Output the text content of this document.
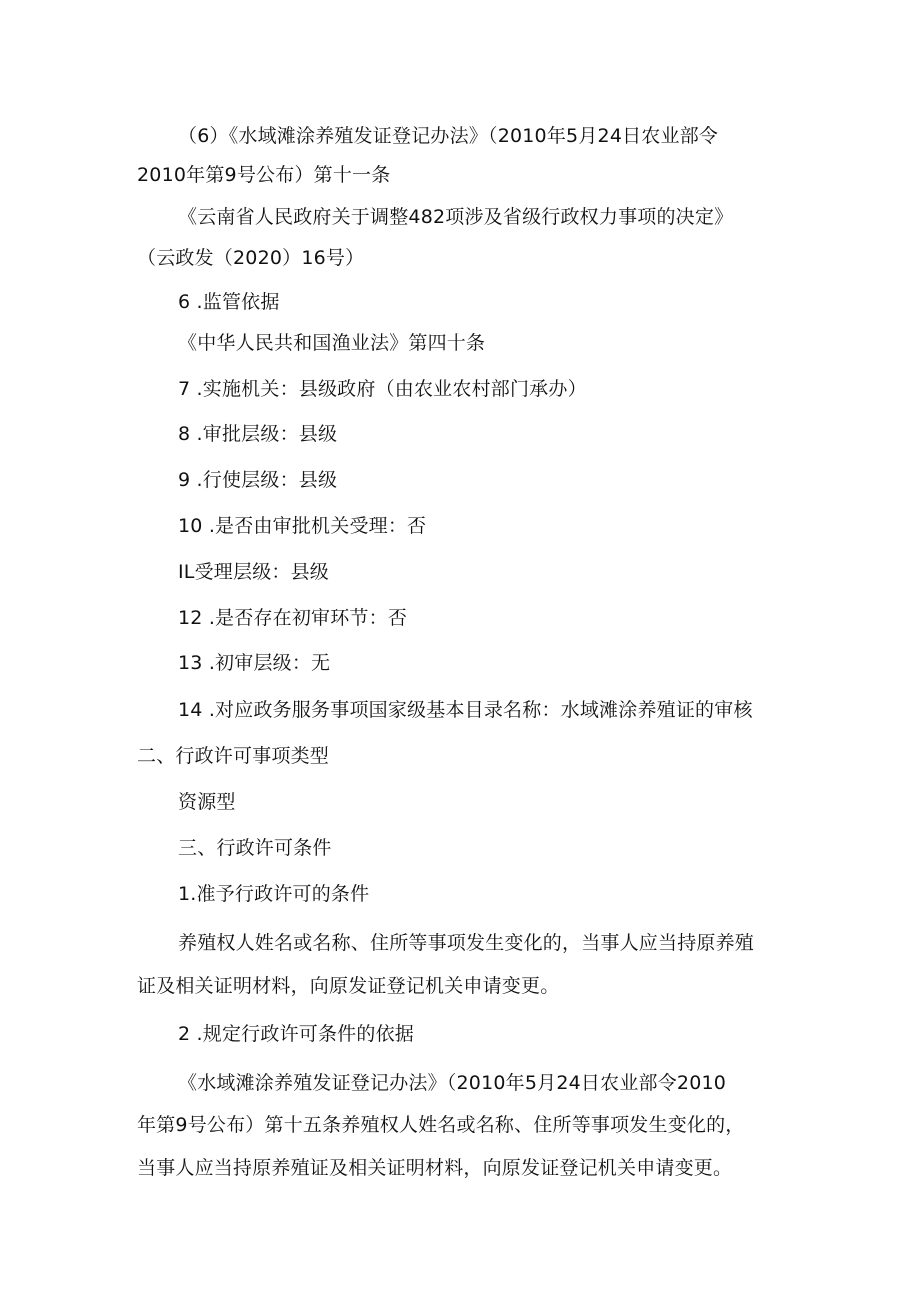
（6）《水域滩涂养殖发证登记办法》（2010年5月24日农业部令
2010年第9号公布）第十一条
《云南省人民政府关于调整482项涉及省级行政权力事项的决定》
（云政发（2020）16号）
6 .监管依据
《中华人民共和国渔业法》第四十条
7 .实施机关：县级政府（由农业农村部门承办）
8 .审批层级：县级
9 .行使层级：县级
10 .是否由审批机关受理：否
IL受理层级：县级
12 .是否存在初审环节：否
13 .初审层级：无
14 .对应政务服务事项国家级基本目录名称：水域滩涂养殖证的审核
二、行政许可事项类型
资源型
三、行政许可条件
1.准予行政许可的条件
养殖权人姓名或名称、住所等事项发生变化的，当事人应当持原养殖
证及相关证明材料，向原发证登记机关申请变更。
2 .规定行政许可条件的依据
《水域滩涂养殖发证登记办法》（2010年5月24日农业部令2010
年第9号公布）第十五条养殖权人姓名或名称、住所等事项发生变化的，
当事人应当持原养殖证及相关证明材料，向原发证登记机关申请变更。
